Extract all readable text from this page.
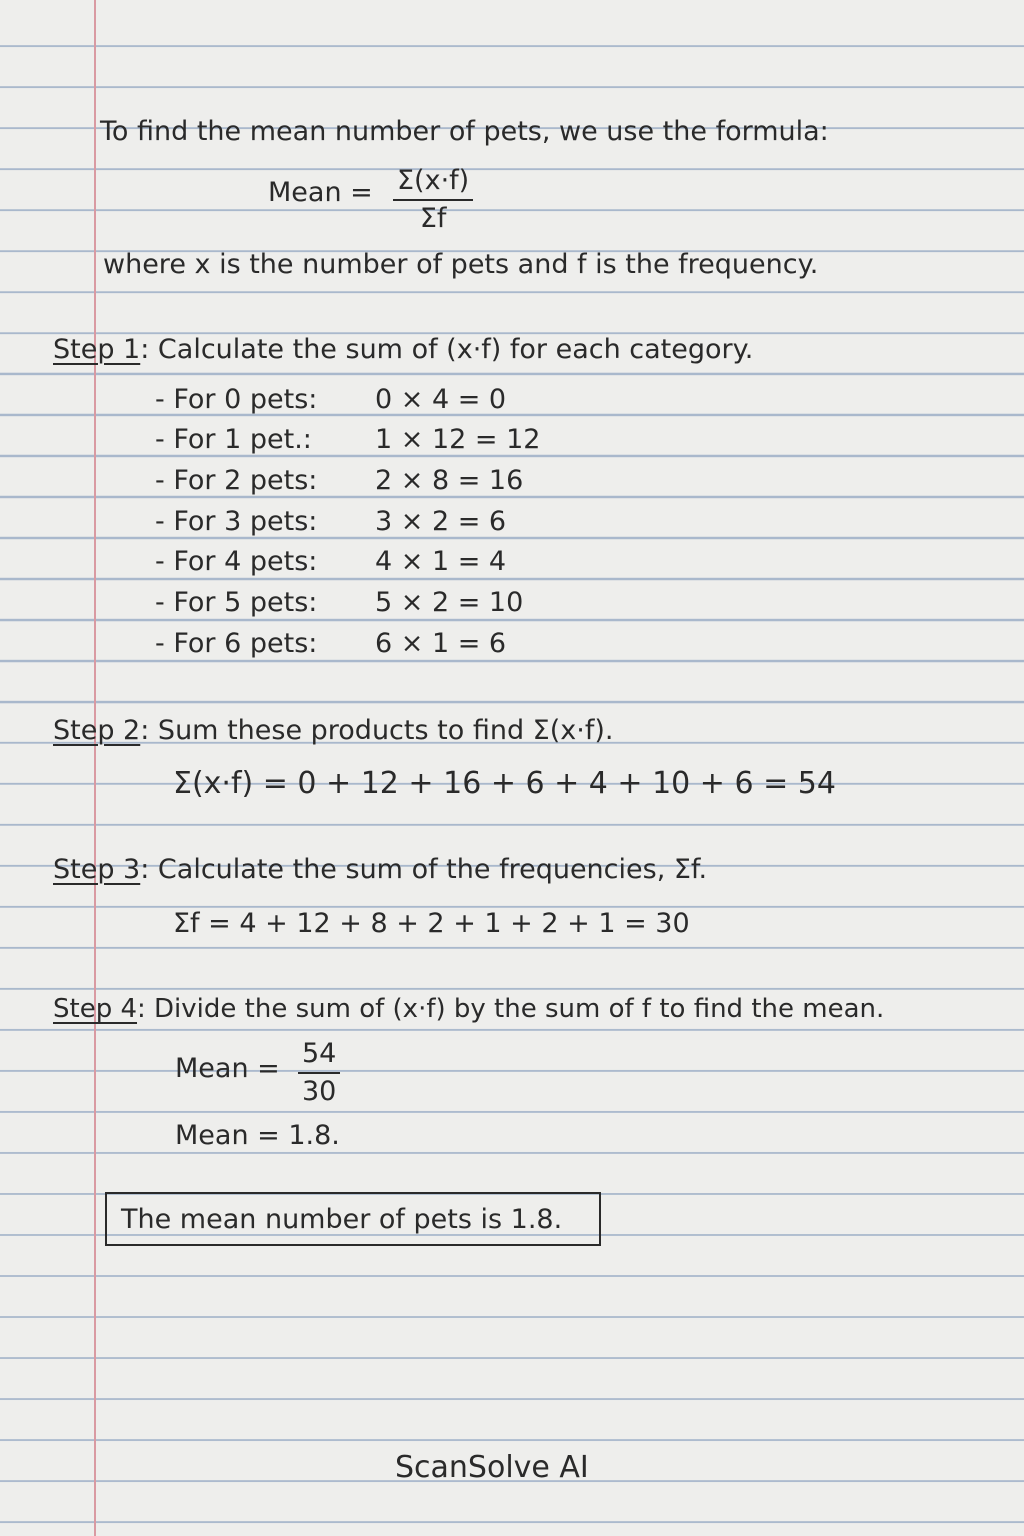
To find the mean number of pets, we use the formula:
Mean = $\frac{\Sigma(x\cdot f)}{\Sigma f}$
where x is the number of pets and f is the frequency.
Step 1: Calculate the sum of (x·f) for each category.
- For 0 pets: 0 × 4 = 0
- For 1 pet.: 1 × 12 = 12
- For 2 pets: 2 × 8 = 16
- For 3 pets: 3 × 2 = 6
- For 4 pets: 4 × 1 = 4
- For 5 pets: 5 × 2 = 10
- For 6 pets: 6 × 1 = 6
Step 2: Sum these products to find Σ(x·f).
Σ(x·f) = 0 + 12 + 16 + 6 + 4 + 10 + 6 = 54
Step 3: Calculate the sum of the frequencies, Σf.
Σf = 4 + 12 + 8 + 2 + 1 + 2 + 1 = 30
Step 4: Divide the sum of (x·f) by the sum of f to find the mean.
Mean = $\frac{54}{30}$
Mean = 1.8.
The mean number of pets is 1.8.
ScanSolve AI
